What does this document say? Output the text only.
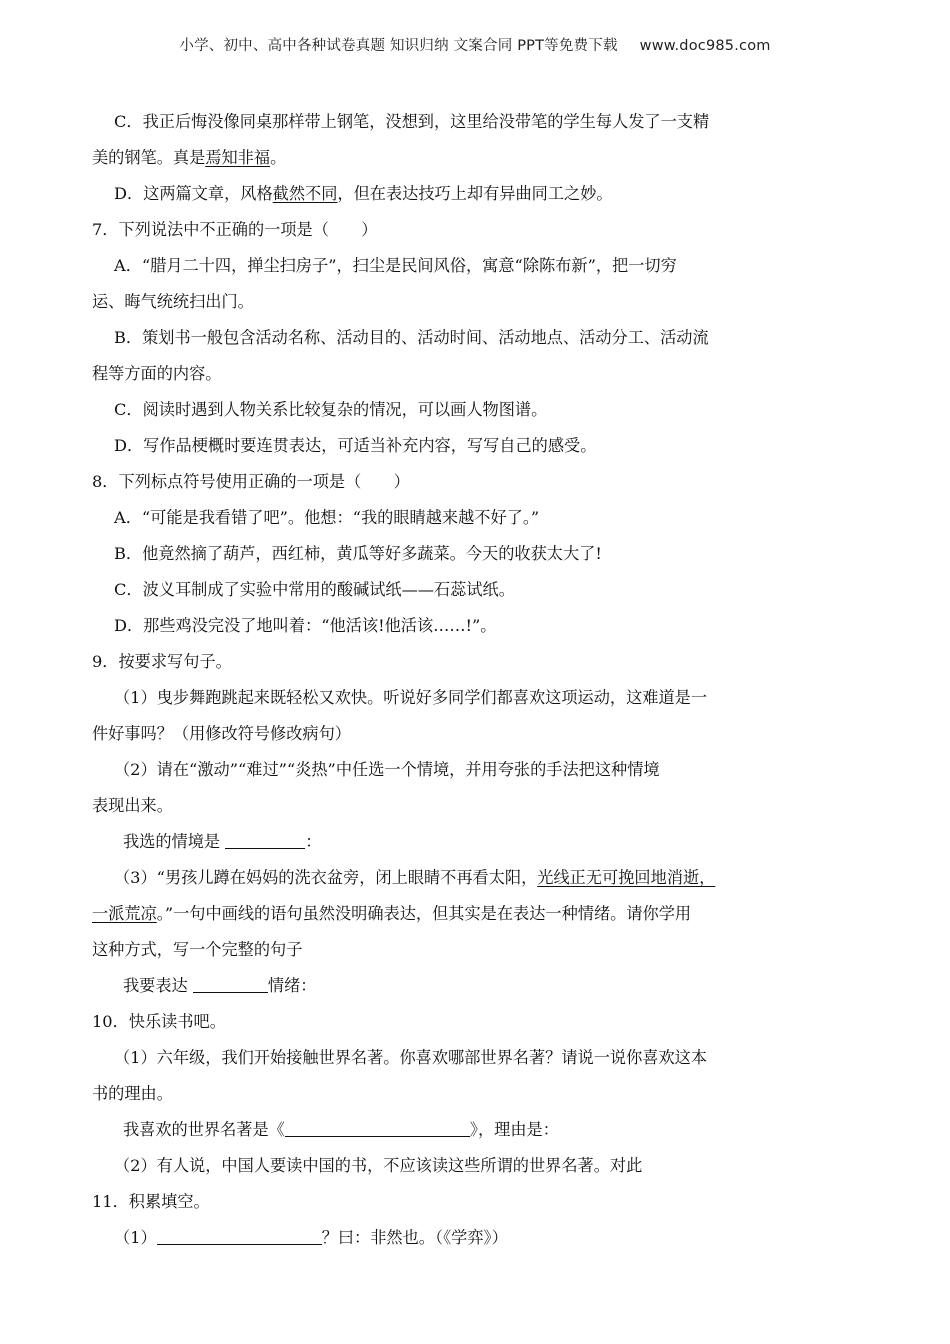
小学、初中、高中各种试卷真题 知识归纳 文案合同 PPT等免费下载 www.doc985.com
C．我正后悔没像同桌那样带上钢笔，没想到，这里给没带笔的学生每人发了一支精
美的钢笔。真是焉知非福。
D．这两篇文章，风格截然不同，但在表达技巧上却有异曲同工之妙。
7．下列说法中不正确的一项是（　　）
A．“腊月二十四，掸尘扫房子”，扫尘是民间风俗，寓意“除陈布新”，把一切穷
运、晦气统统扫出门。
B．策划书一般包含活动名称、活动目的、活动时间、活动地点、活动分工、活动流
程等方面的内容。
C．阅读时遇到人物关系比较复杂的情况，可以画人物图谱。
D．写作品梗概时要连贯表达，可适当补充内容，写写自己的感受。
8．下列标点符号使用正确的一项是（　　）
A．“可能是我看错了吧”。他想：“我的眼睛越来越不好了。”
B．他竟然摘了葫芦，西红柿，黄瓜等好多蔬菜。今天的收获太大了!
C．波义耳制成了实验中常用的酸碱试纸——石蕊试纸。
D．那些鸡没完没了地叫着：“他活该!他活该……!”。
9．按要求写句子。
（1）曳步舞跑跳起来既轻松又欢快。听说好多同学们都喜欢这项运动，这难道是一
件好事吗？（用修改符号修改病句）
（2）请在“激动”“难过”“炎热”中任选一个情境，并用夸张的手法把这种情境
表现出来。
我选的情境是	：
（3）“男孩儿蹲在妈妈的洗衣盆旁，闭上眼睛不再看太阳，光线正无可挽回地消逝，
一派荒凉。”一句中画线的语句虽然没明确表达，但其实是在表达一种情绪。请你学用
这种方式，写一个完整的句子
我要表达	情绪：
10．快乐读书吧。
（1）六年级，我们开始接触世界名著。你喜欢哪部世界名著？请说一说你喜欢这本
书的理由。
我喜欢的世界名著是《	》，理由是：
（2）有人说，中国人要读中国的书，不应该读这些所谓的世界名著。对此
11．积累填空。
（1）	？曰：非然也。（《学弈》）
